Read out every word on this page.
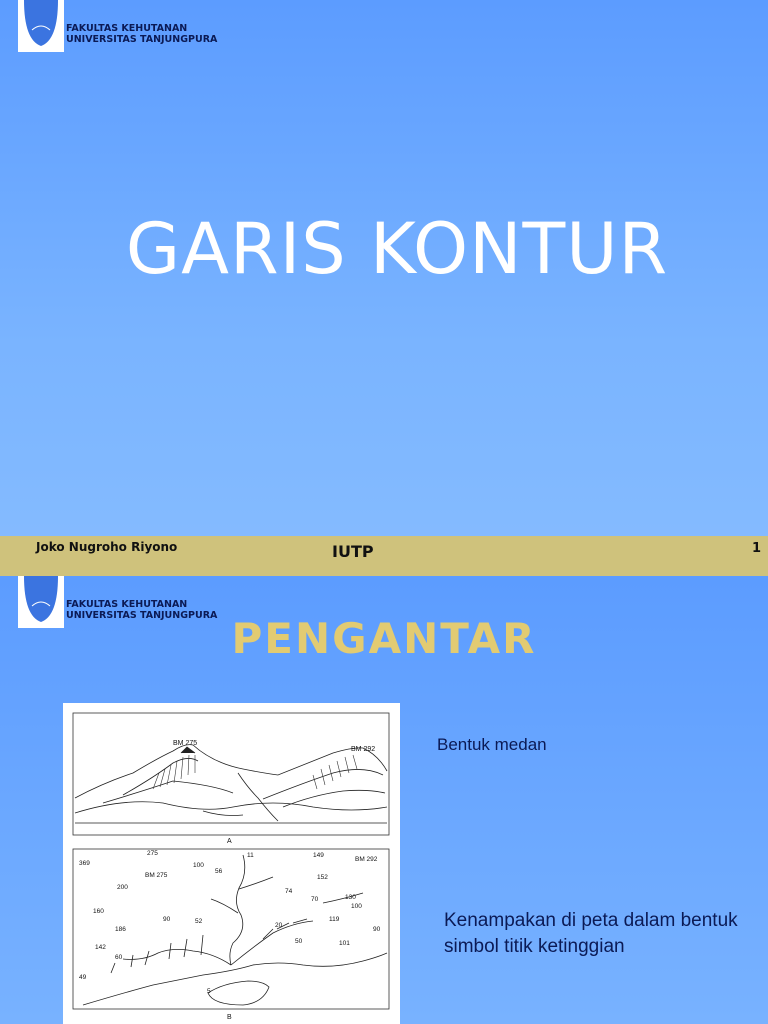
FAKULTAS KEHUTANAN
UNIVERSITAS TANJUNGPURA
GARIS KONTUR
Joko Nugroho Riyono	IUTP	1
FAKULTAS KEHUTANAN
UNIVERSITAS TANJUNGPURA PENGANTAR
BM 275
BM 292
A
BM 275
BM 292
275
369	100
11	149
56
152
200
74
70	130
100
160
90	52	119
20
90
186
50	101
142
60
49
5
B
Bentuk medan
Kenampakan di peta dalam bentuk simbol titik ketinggian
